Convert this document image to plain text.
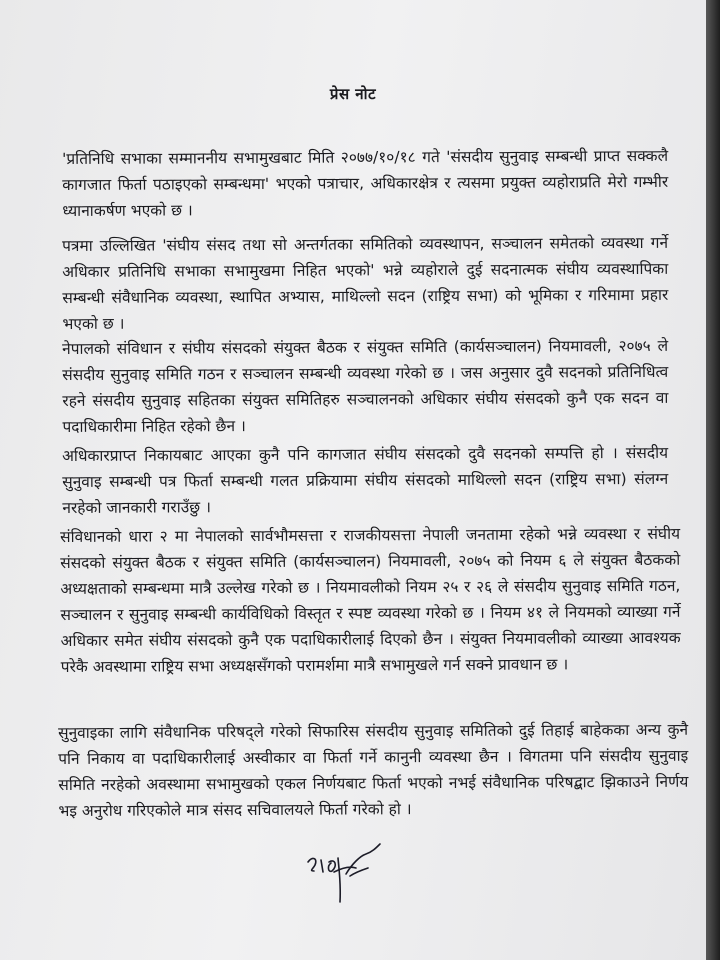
प्रेस नोट

'प्रतिनिधि सभाका सम्माननीय सभामुखबाट मिति २०७७/१०/१८ गते 'संसदीय सुनुवाइ सम्बन्धी प्राप्त सक्कलै कागजात फिर्ता पठाइएको सम्बन्धमा' भएको पत्राचार, अधिकारक्षेत्र र त्यसमा प्रयुक्त व्यहोराप्रति मेरो गम्भीर ध्यानाकर्षण भएको छ ।

पत्रमा उल्लिखित 'संघीय संसद तथा सो अन्तर्गतका समितिको व्यवस्थापन, सञ्चालन समेतको व्यवस्था गर्ने अधिकार प्रतिनिधि सभाका सभामुखमा निहित भएको' भन्ने व्यहोराले दुई सदनात्मक संघीय व्यवस्थापिका सम्बन्धी संवैधानिक व्यवस्था, स्थापित अभ्यास, माथिल्लो सदन (राष्ट्रिय सभा) को भूमिका र गरिमामा प्रहार भएको छ ।

नेपालको संविधान र संघीय संसदको संयुक्त बैठक र संयुक्त समिति (कार्यसञ्चालन) नियमावली, २०७५ ले संसदीय सुनुवाइ समिति गठन र सञ्चालन सम्बन्धी व्यवस्था गरेको छ । जस अनुसार दुवै सदनको प्रतिनिधित्व रहने संसदीय सुनुवाइ सहितका संयुक्त समितिहरु सञ्चालनको अधिकार संघीय संसदको कुनै एक सदन वा पदाधिकारीमा निहित रहेको छैन ।

अधिकारप्राप्त निकायबाट आएका कुनै पनि कागजात संघीय संसदको दुवै सदनको सम्पत्ति हो । संसदीय सुनुवाइ सम्बन्धी पत्र फिर्ता सम्बन्धी गलत प्रक्रियामा संघीय संसदको माथिल्लो सदन (राष्ट्रिय सभा) संलग्न नरहेको जानकारी गराउँछु ।

संविधानको धारा २ मा नेपालको सार्वभौमसत्ता र राजकीयसत्ता नेपाली जनतामा रहेको भन्ने व्यवस्था र संघीय संसदको संयुक्त बैठक र संयुक्त समिति (कार्यसञ्चालन) नियमावली, २०७५ को नियम ६ ले संयुक्त बैठकको अध्यक्षताको सम्बन्धमा मात्रै उल्लेख गरेको छ । नियमावलीको नियम २५ र २६ ले संसदीय सुनुवाइ समिति गठन, सञ्चालन र सुनुवाइ सम्बन्धी कार्यविधिको विस्तृत र स्पष्ट व्यवस्था गरेको छ । नियम ४१ ले नियमको व्याख्या गर्ने अधिकार समेत संघीय संसदको कुनै एक पदाधिकारीलाई दिएको छैन । संयुक्त नियमावलीको व्याख्या आवश्यक परेकै अवस्थामा राष्ट्रिय सभा अध्यक्षसँगको परामर्शमा मात्रै सभामुखले गर्न सक्ने प्रावधान छ ।

सुनुवाइका लागि संवैधानिक परिषद्ले गरेको सिफारिस संसदीय सुनुवाइ समितिको दुई तिहाई बाहेकका अन्य कुनै पनि निकाय वा पदाधिकारीलाई अस्वीकार वा फिर्ता गर्ने कानुनी व्यवस्था छैन । विगतमा पनि संसदीय सुनुवाइ समिति नरहेको अवस्थामा सभामुखको एकल निर्णयबाट फिर्ता भएको नभई संवैधानिक परिषद्बाट झिकाउने निर्णय भइ अनुरोध गरिएकोले मात्र संसद सचिवालयले फिर्ता गरेको हो ।
